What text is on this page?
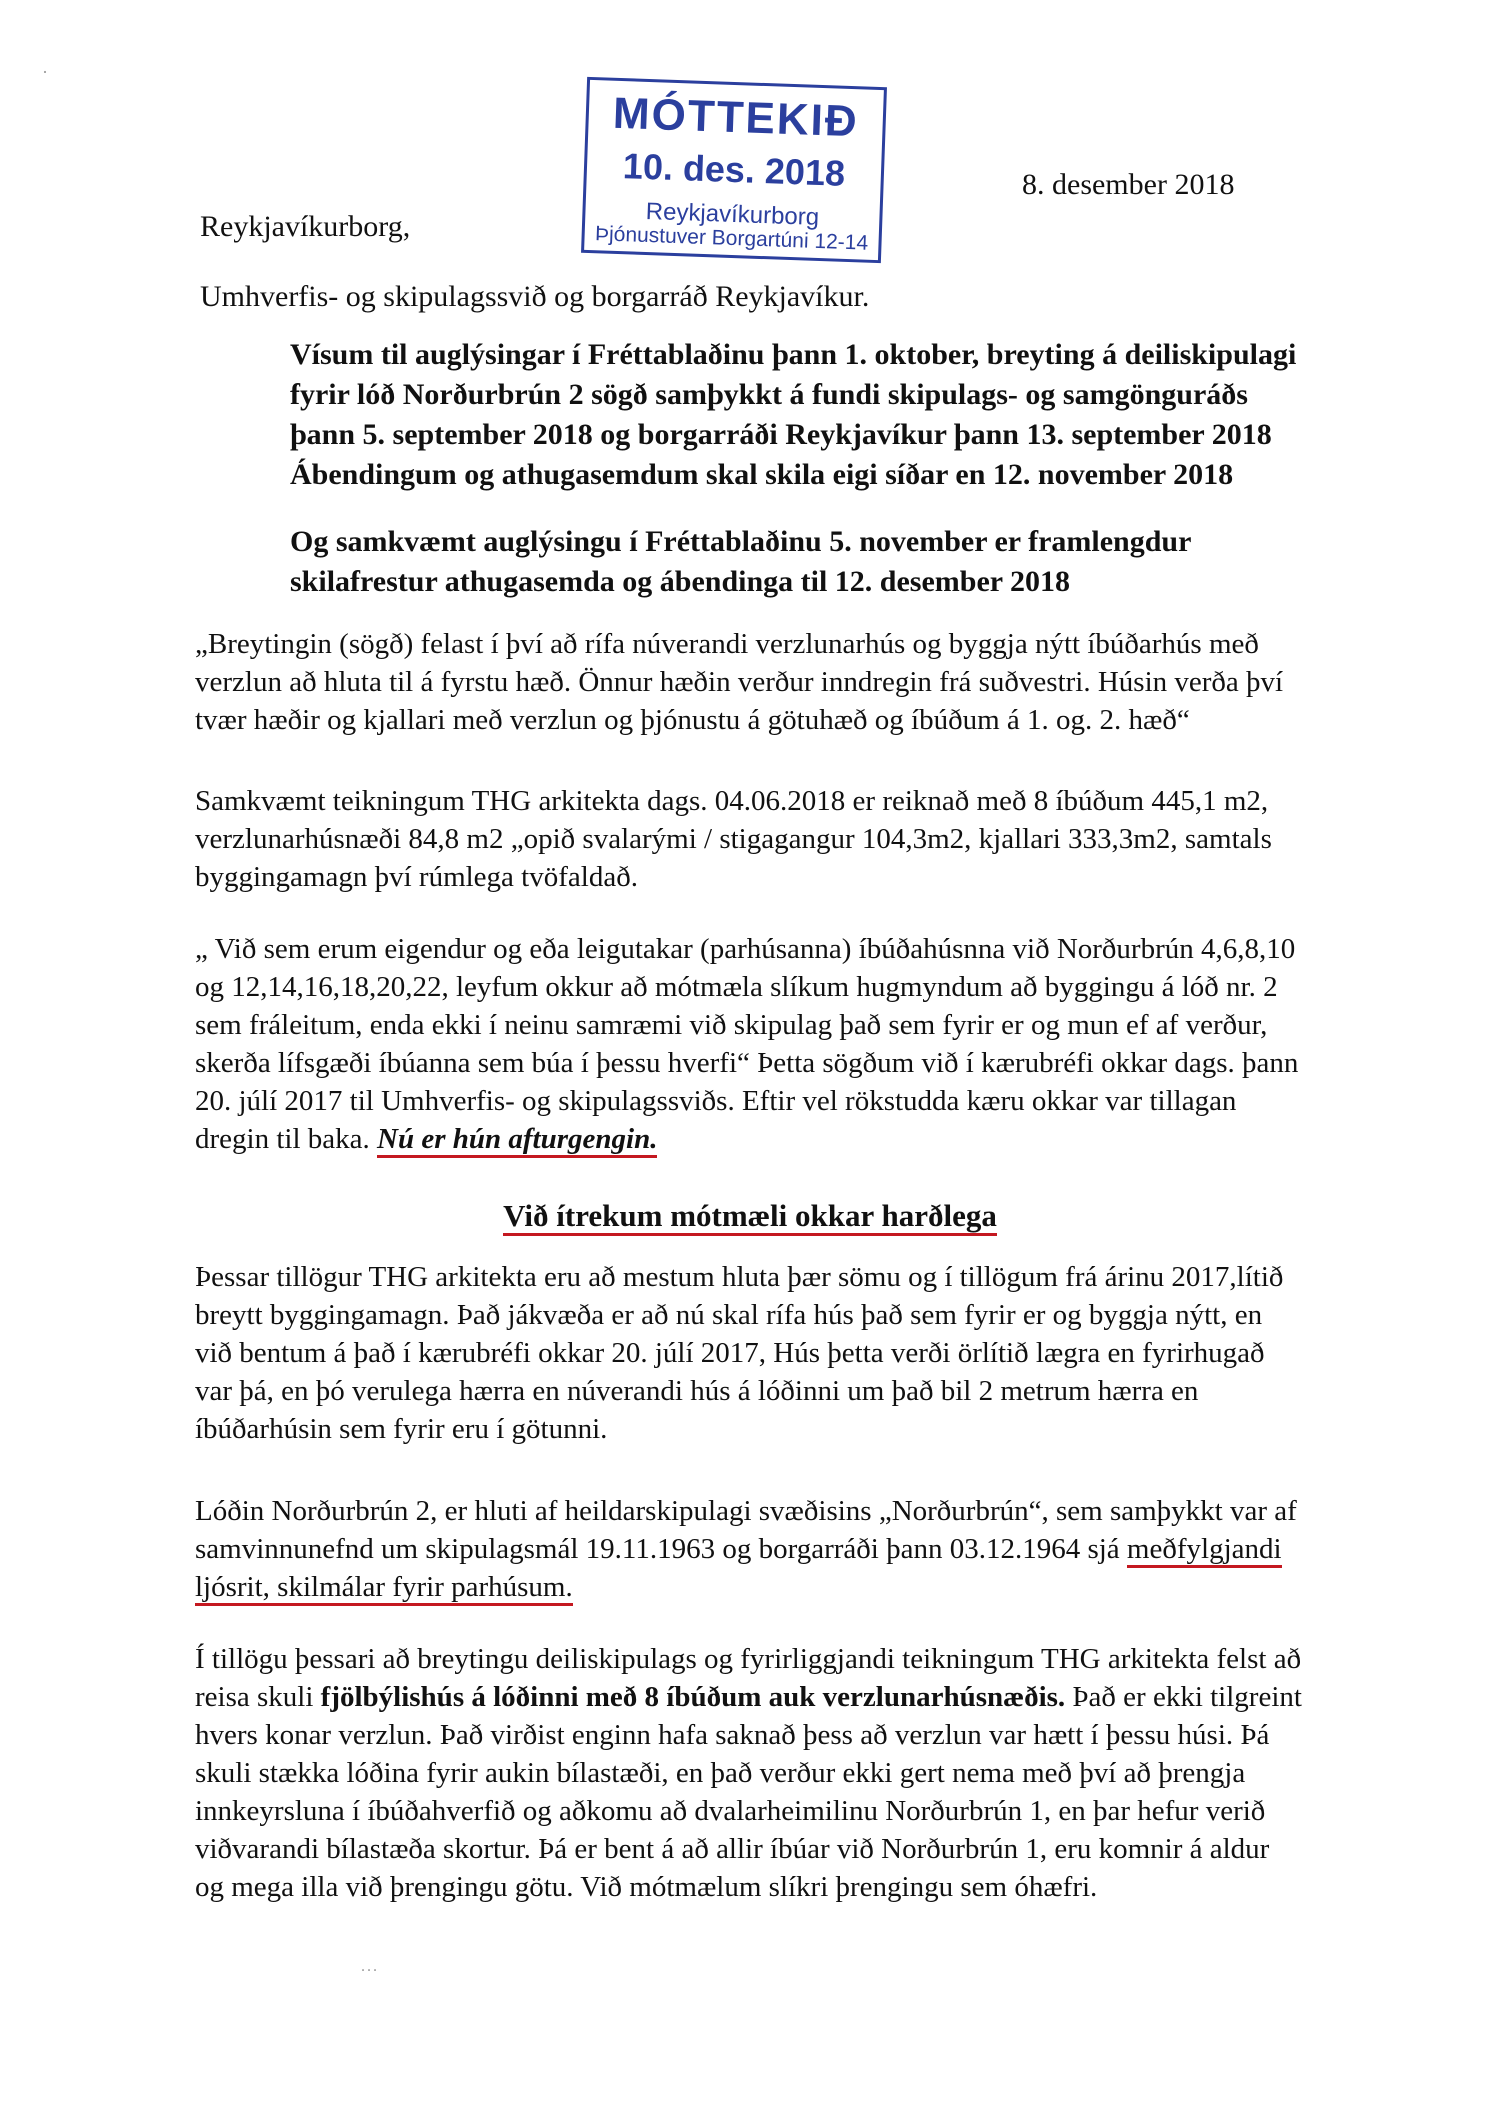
MÓTTEKIÐ
10. des. 2018
Reykjavíkurborg
Þjónustuver Borgartúni 12-14
8. desember 2018
Reykjavíkurborg,
Umhverfis- og skipulagssvið og borgarráð Reykjavíkur.

Vísum til auglýsingar í Fréttablaðinu þann 1. oktober, breyting á deiliskipulagi fyrir lóð Norðurbrún 2 sögð samþykkt á fundi skipulags- og samgönguráðs þann 5. september 2018 og borgarráði Reykjavíkur þann 13. september 2018 Ábendingum og athugasemdum skal skila eigi síðar en 12. november 2018

Og samkvæmt auglýsingu í Fréttablaðinu 5. november er framlengdur skilafrestur athugasemda og ábendinga til 12. desember 2018

„Breytingin (sögð) felast í því að rífa núverandi verzlunarhús og byggja nýtt íbúðarhús með verzlun að hluta til á fyrstu hæð. Önnur hæðin verður inndregin frá suðvestri. Húsin verða því tvær hæðir og kjallari með verzlun og þjónustu á götuhæð og íbúðum á 1. og. 2. hæð“

Samkvæmt teikningum THG arkitekta dags. 04.06.2018 er reiknað með 8 íbúðum 445,1 m2, verzlunarhúsnæði 84,8 m2 „opið svalarými / stigagangur 104,3m2, kjallari 333,3m2, samtals byggingamagn því rúmlega tvöfaldað.

„ Við sem erum eigendur og eða leigutakar (parhúsanna) íbúðahúsnna við Norðurbrún 4,6,8,10 og 12,14,16,18,20,22, leyfum okkur að mótmæla slíkum hugmyndum að byggingu á lóð nr. 2 sem fráleitum, enda ekki í neinu samræmi við skipulag það sem fyrir er og mun ef af verður, skerða lífsgæði íbúanna sem búa í þessu hverfi“ Þetta sögðum við í kærubréfi okkar dags. þann 20. júlí 2017 til Umhverfis- og skipulagssviðs. Eftir vel rökstudda kæru okkar var tillagan dregin til baka. Nú er hún afturgengin.

Við ítrekum mótmæli okkar harðlega

Þessar tillögur THG arkitekta eru að mestum hluta þær sömu og í tillögum frá árinu 2017,lítið breytt byggingamagn. Það jákvæða er að nú skal rífa hús það sem fyrir er og byggja nýtt, en við bentum á það í kærubréfi okkar 20. júlí 2017, Hús þetta verði örlítið lægra en fyrirhugað var þá, en þó verulega hærra en núverandi hús á lóðinni um það bil 2 metrum hærra en íbúðarhúsin sem fyrir eru í götunni.

Lóðin Norðurbrún 2, er hluti af heildarskipulagi svæðisins „Norðurbrún“, sem samþykkt var af samvinnunefnd um skipulagsmál 19.11.1963 og borgarráði þann 03.12.1964 sjá meðfylgjandi ljósrit, skilmálar fyrir parhúsum.

Í tillögu þessari að breytingu deiliskipulags og fyrirliggjandi teikningum THG arkitekta felst að reisa skuli fjölbýlishús á lóðinni með 8 íbúðum auk verzlunarhúsnæðis. Það er ekki tilgreint hvers konar verzlun. Það virðist enginn hafa saknað þess að verzlun var hætt í þessu húsi. Þá skuli stækka lóðina fyrir aukin bílastæði, en það verður ekki gert nema með því að þrengja innkeyrsluna í íbúðahverfið og aðkomu að dvalarheimilinu Norðurbrún 1, en þar hefur verið viðvarandi bílastæða skortur. Þá er bent á að allir íbúar við Norðurbrún 1, eru komnir á aldur og mega illa við þrengingu götu. Við mótmælum slíkri þrengingu sem óhæfri.

·
˙˙˙
